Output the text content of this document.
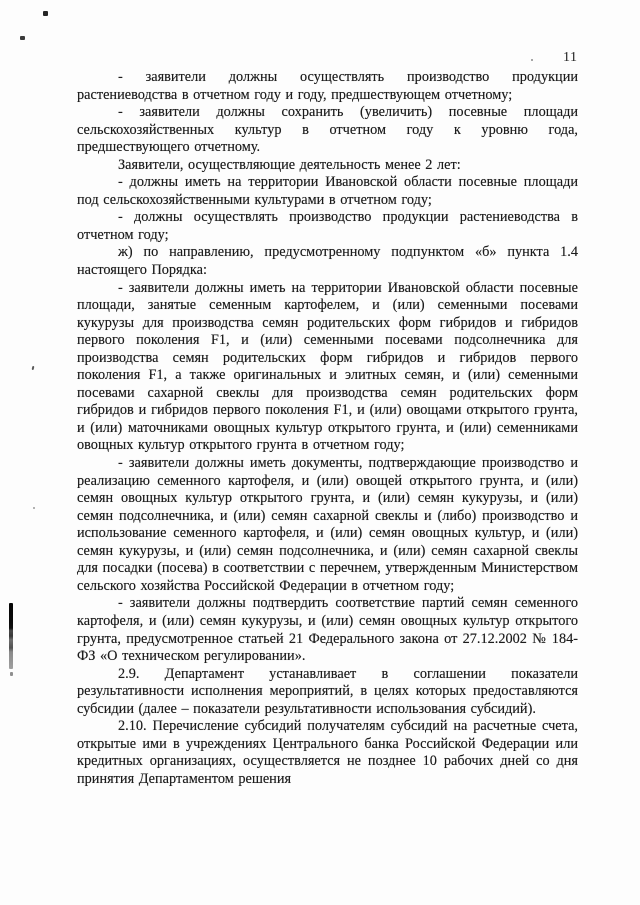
11

- заявители должны осуществлять производство продукции растениеводства в отчетном году и году, предшествующем отчетному;

- заявители должны сохранить (увеличить) посевные площади сельскохозяйственных культур в отчетном году к уровню года, предшествующего отчетному.

Заявители, осуществляющие деятельность менее 2 лет:

- должны иметь на территории Ивановской области посевные площади под сельскохозяйственными культурами в отчетном году;

- должны осуществлять производство продукции растениеводства в отчетном году;

ж) по направлению, предусмотренному подпунктом «б» пункта 1.4 настоящего Порядка:

- заявители должны иметь на территории Ивановской области посевные площади, занятые семенным картофелем, и (или) семенными посевами кукурузы для производства семян родительских форм гибридов и гибридов первого поколения F1, и (или) семенными посевами подсолнечника для производства семян родительских форм гибридов и гибридов первого поколения F1, а также оригинальных и элитных семян, и (или) семенными посевами сахарной свеклы для производства семян родительских форм гибридов и гибридов первого поколения F1, и (или) овощами открытого грунта, и (или) маточниками овощных культур открытого грунта, и (или) семенниками овощных культур открытого грунта в отчетном году;

- заявители должны иметь документы, подтверждающие производство и реализацию семенного картофеля, и (или) овощей открытого грунта, и (или) семян овощных культур открытого грунта, и (или) семян кукурузы, и (или) семян подсолнечника, и (или) семян сахарной свеклы и (либо) производство и использование семенного картофеля, и (или) семян овощных культур, и (или) семян кукурузы, и (или) семян подсолнечника, и (или) семян сахарной свеклы для посадки (посева) в соответствии с перечнем, утвержденным Министерством сельского хозяйства Российской Федерации в отчетном году;

- заявители должны подтвердить соответствие партий семян семенного картофеля, и (или) семян кукурузы, и (или) семян овощных культур открытого грунта, предусмотренное статьей 21 Федерального закона от 27.12.2002 № 184-ФЗ «О техническом регулировании».

2.9. Департамент устанавливает в соглашении показатели результативности исполнения мероприятий, в целях которых предоставляются субсидии (далее – показатели результативности использования субсидий).

2.10. Перечисление субсидий получателям субсидий на расчетные счета, открытые ими в учреждениях Центрального банка Российской Федерации или кредитных организациях, осуществляется не позднее 10 рабочих дней со дня принятия Департаментом решения
